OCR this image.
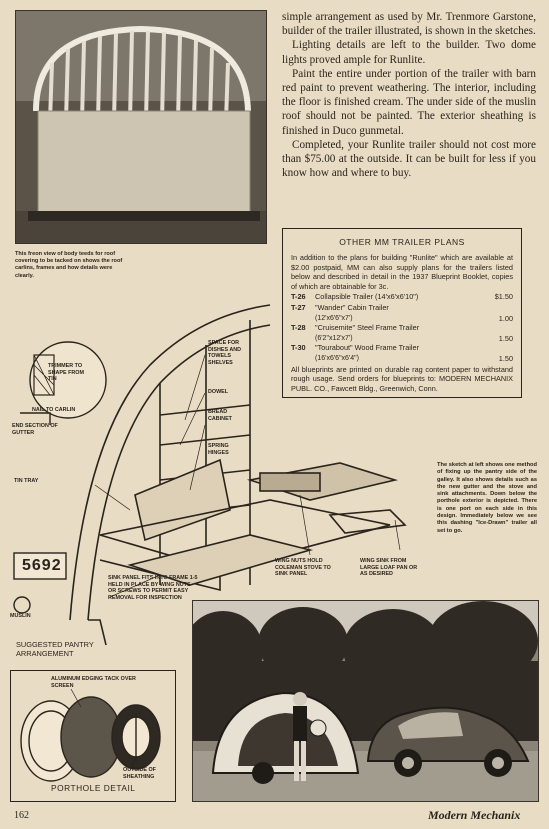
This freon view of body teeds for roof covering to be tacked on shows the roof carlins, frames and how details were clearly.

simple arrangement as used by Mr. Trenmore Garstone, builder of the trailer illustrated, is shown in the sketches.

Lighting details are left to the builder. Two dome lights proved ample for Runlite.

Paint the entire under portion of the trailer with barn red paint to prevent weathering. The interior, including the floor is finished cream. The under side of the muslin roof should not be painted. The exterior sheathing is finished in Duco gunmetal.

Completed, your Runlite trailer should not cost more than $75.00 at the outside. It can be built for less if you know how and where to buy.

OTHER MM TRAILER PLANS
In addition to the plans for building "Runlite" which are available at $2.00 postpaid, MM can also supply plans for the trailers listed below and described in detail in the 1937 Blueprint Booklet, copies of which are obtainable for 3c.
T-26	Collapsible Trailer (14'x6'x6'10")	$1.50
T-27	"Wander" Cabin Trailer
(12'x6'6"x7')	1.00
T-28	"Cruisemite" Steel Frame Trailer
(6'2"x12'x7')	1.50
T-30	"Tourabout" Wood Frame Trailer
(16'x6'6"x6'4")	1.50
All blueprints are printed on durable rag content paper to withstand rough usage. Send orders for blueprints to: MODERN MECHANIX PUBL. CO., Fawcett Bldg., Greenwich, Conn.
TRIMMER TO SHAPE FROM TIN
NAIL TO CARLIN
END SECTION OF GUTTER
TIN TRAY
SPACE FOR DISHES AND TOWELS SHELVES
DOWEL
BREAD CABINET
SPRING HINGES
WING NUTS HOLD COLEMAN STOVE TO SINK PANEL
WING SINK FROM LARGE LOAF PAN OR AS DESIRED
SINK PANEL FITS INTO FRAME 1-5 HELD IN PLACE BY WING NUTS OR SCREWS TO PERMIT EASY REMOVAL FOR INSPECTION
MUSLIN
5692
SUGGESTED PANTRY ARRANGEMENT
The sketch at left shows one method of fixing up the pantry side of the galley. It also shows details such as the new gutter and the stove and sink attachments. Down below the porthole exterior is depicted. There is one port on each side in this design. Immediately below we see this dashing "Ice-Drawn" trailer all set to go.
ALUMINUM EDGING TACK OVER SCREEN
OUTSIDE OF SHEATHING
PORTHOLE DETAIL
162	Modern Mechanix
